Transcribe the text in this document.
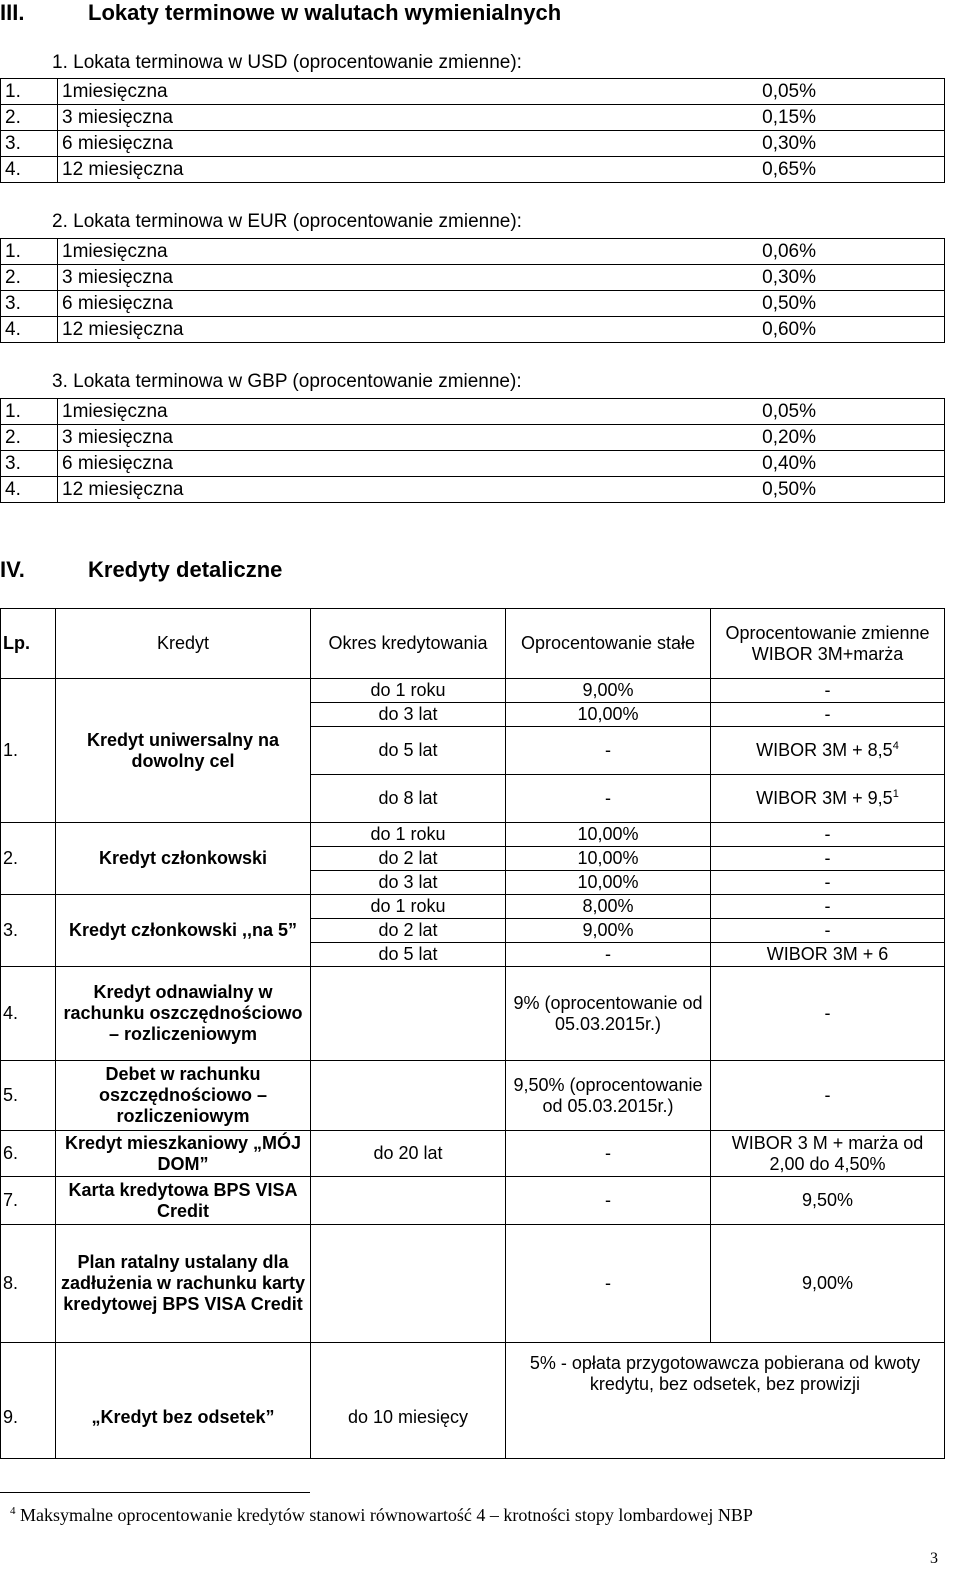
III.	Lokaty terminowe w walutach wymienialnych
1. Lokata terminowa w USD (oprocentowanie zmienne):
1.	1miesięczna	0,05%
2.	3 miesięczna	0,15%
3.	6 miesięczna	0,30%
4.	12 miesięczna	0,65%
2. Lokata terminowa w EUR (oprocentowanie zmienne):
1.	1miesięczna	0,06%
2.	3 miesięczna	0,30%
3.	6 miesięczna	0,50%
4.	12 miesięczna	0,60%
3. Lokata terminowa w GBP (oprocentowanie zmienne):
1.	1miesięczna	0,05%
2.	3 miesięczna	0,20%
3.	6 miesięczna	0,40%
4.	12 miesięczna	0,50%
IV.	Kredyty detaliczne
Lp.	Kredyt	Okres kredytowania	Oprocentowanie stałe	Oprocentowanie zmienne WIBOR 3M+marża
1.	Kredyt uniwersalny na dowolny cel	do 1 roku	9,00%	-
		do 3 lat	10,00%	-
		do 5 lat	-	WIBOR $3M + 8,5^4$
		do 8 lat	-	WIBOR $3M + 9,5^1$
2.	Kredyt członkowski	do 1 roku	10,00%	-
		do 2 lat	10,00%	-
		do 3 lat	10,00%	-
3.	Kredyt członkowski ,,na 5”	do 1 roku	8,00%	-
		do 2 lat	9,00%	-
		do 5 lat	-	WIBOR 3M + 6
4.	Kredyt odnawialny w rachunku oszczędnościowo – rozliczeniowym		9% (oprocentowanie od 05.03.2015r.)	-
5.	Debet w rachunku oszczędnościowo – rozliczeniowym		9,50% (oprocentowanie od 05.03.2015r.)	-
6.	Kredyt mieszkaniowy „MÓJ DOM”	do 20 lat	-	WIBOR 3 M + marża od 2,00 do 4,50%
7.	Karta kredytowa BPS VISA Credit		-	9,50%
8.	Plan ratalny ustalany dla zadłużenia w rachunku karty kredytowej BPS VISA Credit		-	9,00%
9.	„Kredyt bez odsetek”	do 10 miesięcy	5% - opłata przygotowawcza pobierana od kwoty kredytu, bez odsetek, bez prowizji	
$^4$ Maksymalne oprocentowanie kredytów stanowi równowartość 4 – krotności stopy lombardowej NBP
3
